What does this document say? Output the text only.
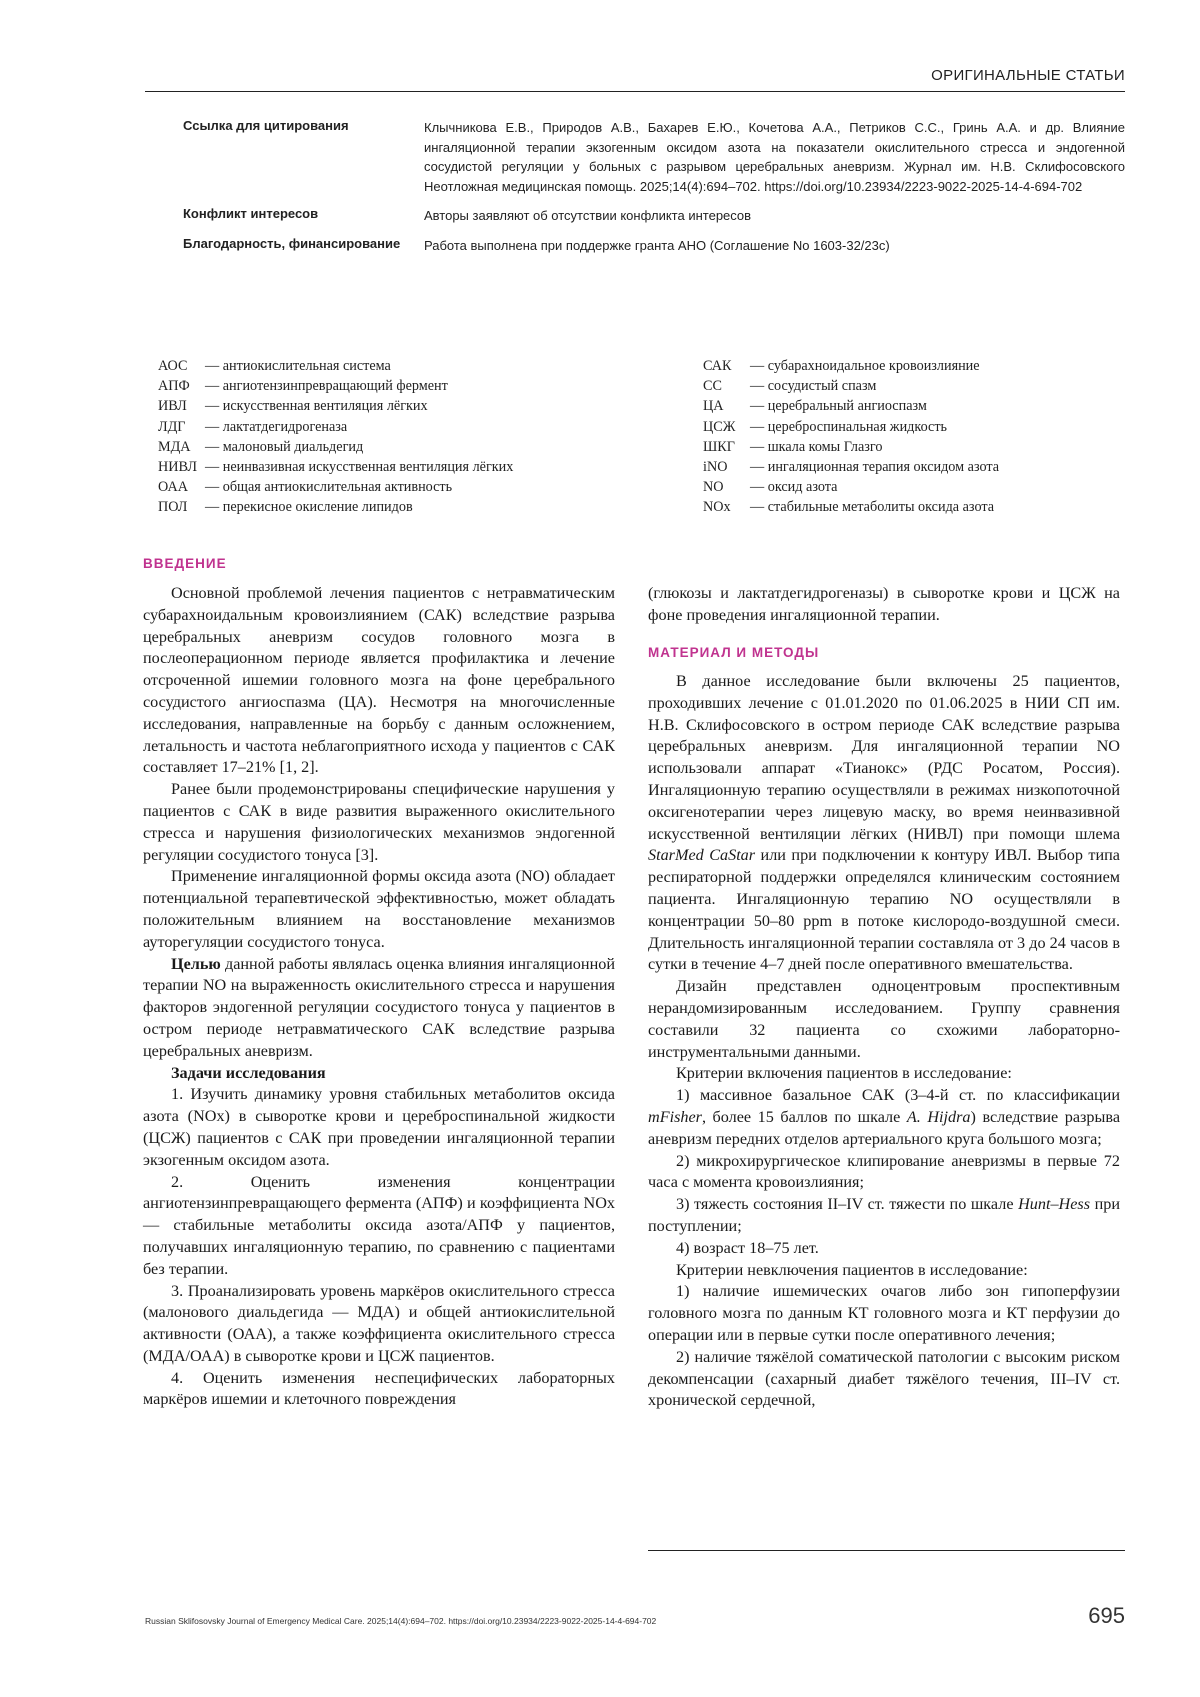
ОРИГИНАЛЬНЫЕ СТАТЬИ
Ссылка для цитирования	Клычникова Е.В., Природов А.В., Бахарев Е.Ю., Кочетова А.А., Петриков С.С., Гринь А.А. и др. Влияние ингаляционной терапии экзогенным оксидом азота на показатели окислительного стресса и эндогенной сосудистой регуляции у больных с разрывом церебральных аневризм. Журнал им. Н.В. Склифосовского Неотложная медицинская помощь. 2025;14(4):694–702. https://doi.org/10.23934/2223-9022-2025-14-4-694-702
Конфликт интересов	Авторы заявляют об отсутствии конфликта интересов
Благодарность, финансирование	Работа выполнена при поддержке гранта АНО (Соглашение No 1603-32/23с)
АОС	— антиокислительная система
АПФ	— ангиотензинпревращающий фермент
ИВЛ	— искусственная вентиляция лёгких
ЛДГ	— лактатдегидрогеназа
МДА	— малоновый диальдегид
НИВЛ — неинвазивная искусственная вентиляция лёгких
ОАА	— общая антиокислительная активность
ПОЛ	— перекисное окисление липидов
САК	— субарахноидальное кровоизлияние
СС	— сосудистый спазм
ЦА	— церебральный ангиоспазм
ЦСЖ	— цереброспинальная жидкость
ШКГ	— шкала комы Глазго
iNO	— ингаляционная терапия оксидом азота
NO	— оксид азота
NOx	— стабильные метаболиты оксида азота
ВВЕДЕНИЕ

Основной проблемой лечения пациентов с нетравматическим субарахноидальным кровоизлиянием (САК) вследствие разрыва церебральных аневризм сосудов головного мозга в послеоперационном периоде является профилактика и лечение отсроченной ишемии головного мозга на фоне церебрального сосудистого ангиоспазма (ЦА). Несмотря на многочисленные исследования, направленные на борьбу с данным осложнением, летальность и частота неблагоприятного исхода у пациентов с САК составляет 17–21% [1, 2].

Ранее были продемонстрированы специфические нарушения у пациентов с САК в виде развития выраженного окислительного стресса и нарушения физиологических механизмов эндогенной регуляции сосудистого тонуса [3].

Применение ингаляционной формы оксида азота (NO) обладает потенциальной терапевтической эффективностью, может обладать положительным влиянием на восстановление механизмов ауторегуляции сосудистого тонуса.

Целью данной работы являлась оценка влияния ингаляционной терапии NO на выраженность окислительного стресса и нарушения факторов эндогенной регуляции сосудистого тонуса у пациентов в остром периоде нетравматического САК вследствие разрыва церебральных аневризм.

Задачи исследования

1. Изучить динамику уровня стабильных метаболитов оксида азота (NOx) в сыворотке крови и цереброспинальной жидкости (ЦСЖ) пациентов с САК при проведении ингаляционной терапии экзогенным оксидом азота.

2. Оценить изменения концентрации ангиотензинпревращающего фермента (АПФ) и коэффициента NOx — стабильные метаболиты оксида азота/АПФ у пациентов, получавших ингаляционную терапию, по сравнению с пациентами без терапии.

3. Проанализировать уровень маркёров окислительного стресса (малонового диальдегида — МДА) и общей антиокислительной активности (ОАА), а также коэффициента окислительного стресса (МДА/ОАА) в сыворотке крови и ЦСЖ пациентов.

4. Оценить изменения неспецифических лабораторных маркёров ишемии и клеточного повреждения

(глюкозы и лактатдегидрогеназы) в сыворотке крови и ЦСЖ на фоне проведения ингаляционной терапии.

МАТЕРИАЛ И МЕТОДЫ

В данное исследование были включены 25 пациентов, проходивших лечение с 01.01.2020 по 01.06.2025 в НИИ СП им. Н.В. Склифосовского в остром периоде САК вследствие разрыва церебральных аневризм. Для ингаляционной терапии NO использовали аппарат «Тианокс» (РДС Росатом, Россия). Ингаляционную терапию осуществляли в режимах низкопоточной оксигенотерапии через лицевую маску, во время неинвазивной искусственной вентиляции лёгких (НИВЛ) при помощи шлема StarMed CaStar или при подключении к контуру ИВЛ. Выбор типа респираторной поддержки определялся клиническим состоянием пациента. Ингаляционную терапию NO осуществляли в концентрации 50–80 ppm в потоке кислородо-воздушной смеси. Длительность ингаляционной терапии составляла от 3 до 24 часов в сутки в течение 4–7 дней после оперативного вмешательства.

Дизайн представлен одноцентровым проспективным нерандомизированным исследованием. Группу сравнения составили 32 пациента со схожими лабораторно-инструментальными данными.

Критерии включения пациентов в исследование:

1) массивное базальное САК (3–4-й ст. по классификации mFisher, более 15 баллов по шкале A. Hijdra) вследствие разрыва аневризм передних отделов артериального круга большого мозга;

2) микрохирургическое клипирование аневризмы в первые 72 часа с момента кровоизлияния;

3) тяжесть состояния II–IV ст. тяжести по шкале Hunt–Hess при поступлении;

4) возраст 18–75 лет.

Критерии невключения пациентов в исследование:

1) наличие ишемических очагов либо зон гипоперфузии головного мозга по данным КТ головного мозга и КТ перфузии до операции или в первые сутки после оперативного лечения;

2) наличие тяжёлой соматической патологии с высоким риском декомпенсации (сахарный диабет тяжёлого течения, III–IV ст. хронической сердечной,

Russian Sklifosovsky Journal of Emergency Medical Care. 2025;14(4):694–702. https://doi.org/10.23934/2223-9022-2025-14-4-694-702	695
